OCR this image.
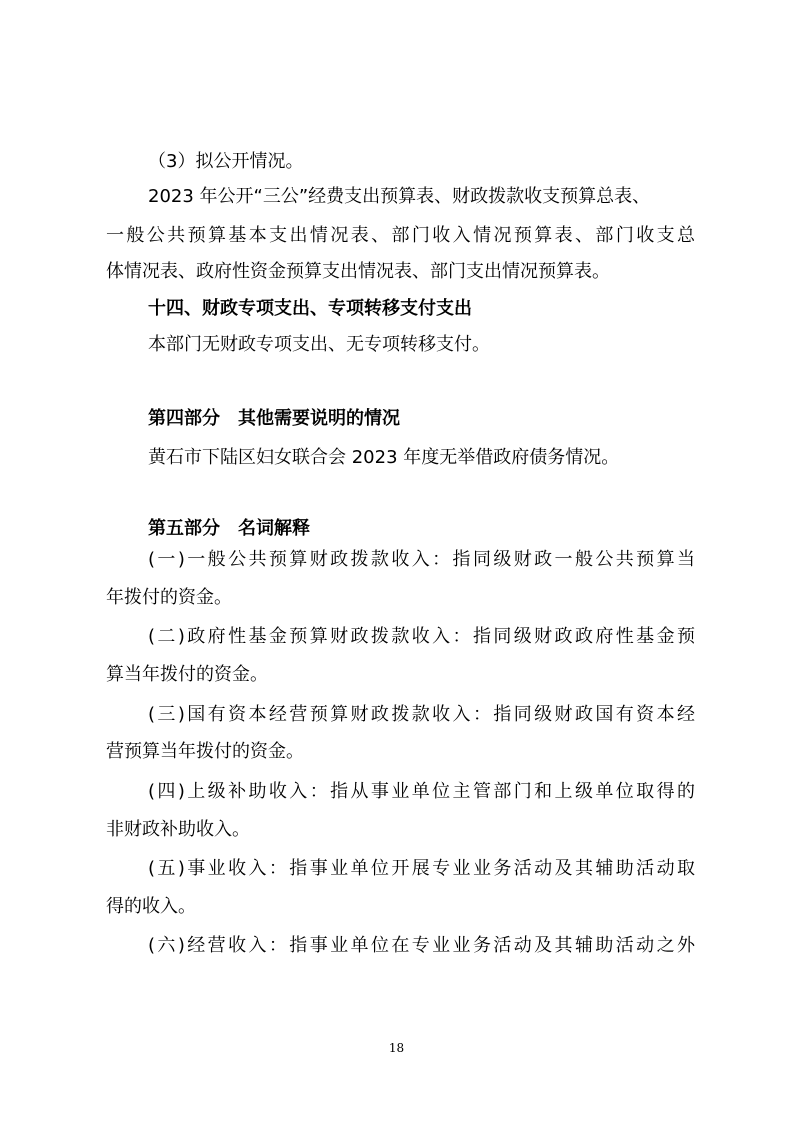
（3）拟公开情况。

2023 年公开“三公”经费支出预算表、财政拨款收支预算总表、

一般公共预算基本支出情况表、部门收入情况预算表、部门收支总

体情况表、政府性资金预算支出情况表、部门支出情况预算表。

十四、财政专项支出、专项转移支付支出

本部门无财政专项支出、无专项转移支付。

第四部分　其他需要说明的情况

黄石市下陆区妇女联合会 2023 年度无举借政府债务情况。

第五部分　名词解释

(一)一般公共预算财政拨款收入：指同级财政一般公共预算当

年拨付的资金。

(二)政府性基金预算财政拨款收入：指同级财政政府性基金预

算当年拨付的资金。

(三)国有资本经营预算财政拨款收入：指同级财政国有资本经

营预算当年拨付的资金。

(四)上级补助收入：指从事业单位主管部门和上级单位取得的

非财政补助收入。

(五)事业收入：指事业单位开展专业业务活动及其辅助活动取

得的收入。

(六)经营收入：指事业单位在专业业务活动及其辅助活动之外

18
